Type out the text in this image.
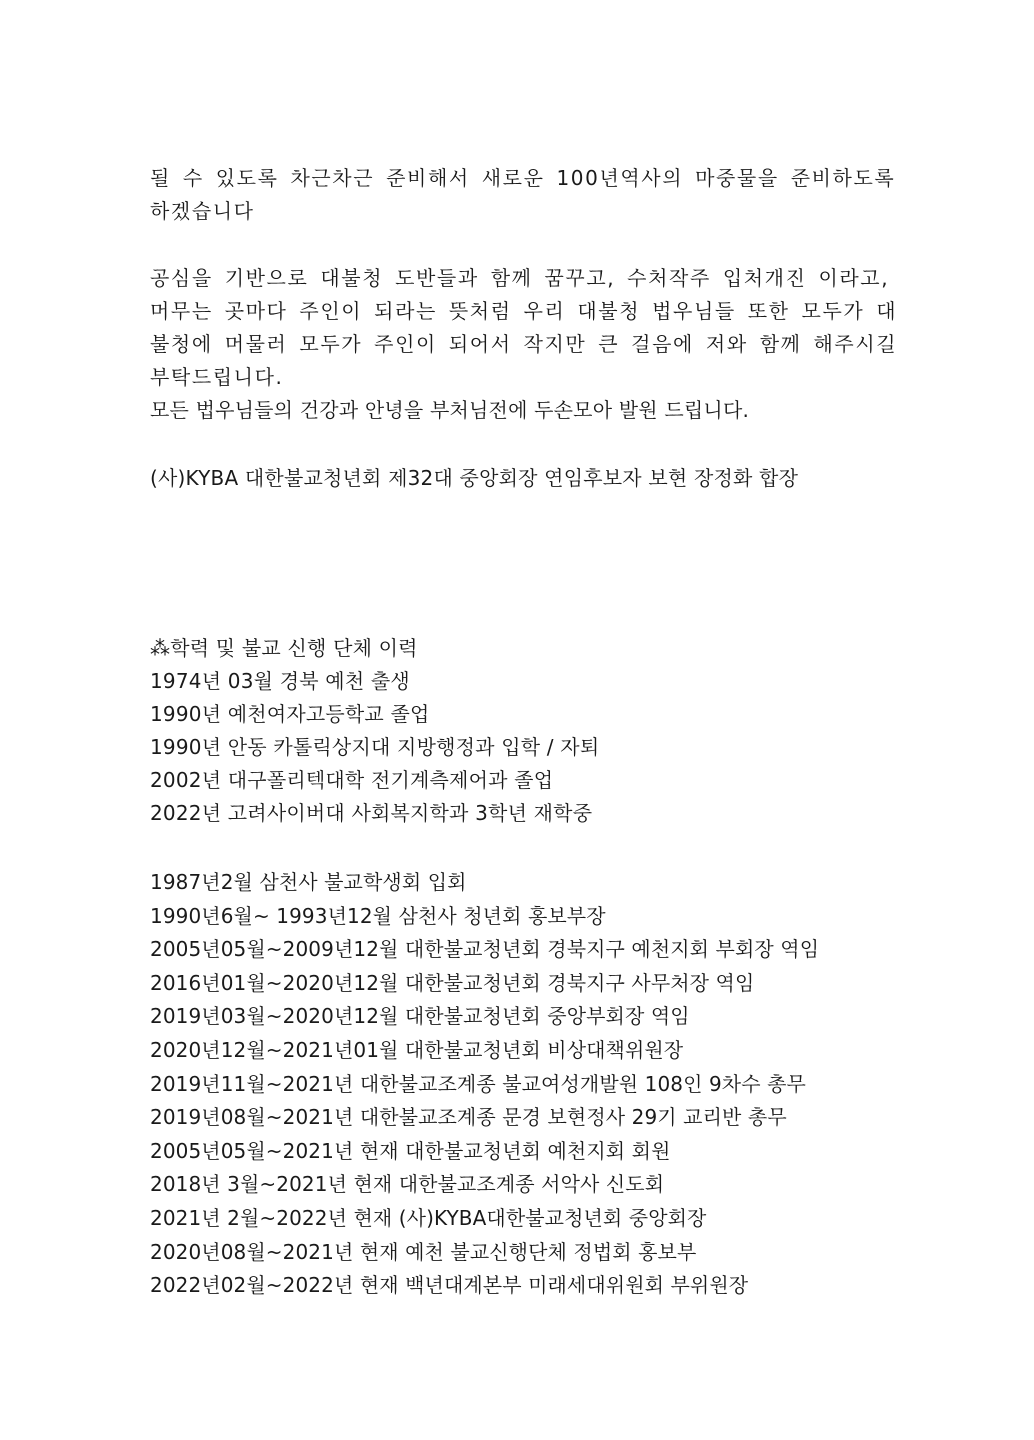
될 수 있도록 차근차근 준비해서 새로운 100년역사의 마중물을 준비하도록
하겠습니다
공심을 기반으로 대불청 도반들과 함께 꿈꾸고, 수처작주 입처개진 이라고,
머무는 곳마다 주인이 되라는 뜻처럼 우리 대불청 법우님들 또한 모두가 대
불청에 머물러 모두가 주인이 되어서 작지만 큰 걸음에 저와 함께 해주시길
부탁드립니다.
모든 법우님들의 건강과 안녕을 부처님전에 두손모아 발원 드립니다.
(사)KYBA 대한불교청년회 제32대 중앙회장 연임후보자 보현 장정화 합장
⁂학력 및 불교 신행 단체 이력
1974년 03월 경북 예천 출생
1990년 예천여자고등학교 졸업
1990년 안동 카톨릭상지대 지방행정과 입학 / 자퇴
2002년 대구폴리텍대학 전기계측제어과 졸업
2022년 고려사이버대 사회복지학과 3학년 재학중
1987년2월 삼천사 불교학생회 입회
1990년6월~ 1993년12월 삼천사 청년회 홍보부장
2005년05월~2009년12월 대한불교청년회 경북지구 예천지회 부회장 역임
2016년01월~2020년12월 대한불교청년회 경북지구 사무처장 역임
2019년03월~2020년12월 대한불교청년회 중앙부회장 역임
2020년12월~2021년01월 대한불교청년회 비상대책위원장
2019년11월~2021년 대한불교조계종 불교여성개발원 108인 9차수 총무
2019년08월~2021년 대한불교조계종 문경 보현정사 29기 교리반 총무
2005년05월~2021년 현재 대한불교청년회 예천지회 회원
2018년 3월~2021년 현재 대한불교조계종 서악사 신도회
2021년 2월~2022년 현재 (사)KYBA대한불교청년회 중앙회장
2020년08월~2021년 현재 예천 불교신행단체 정법회 홍보부
2022년02월~2022년 현재 백년대계본부 미래세대위원회 부위원장
